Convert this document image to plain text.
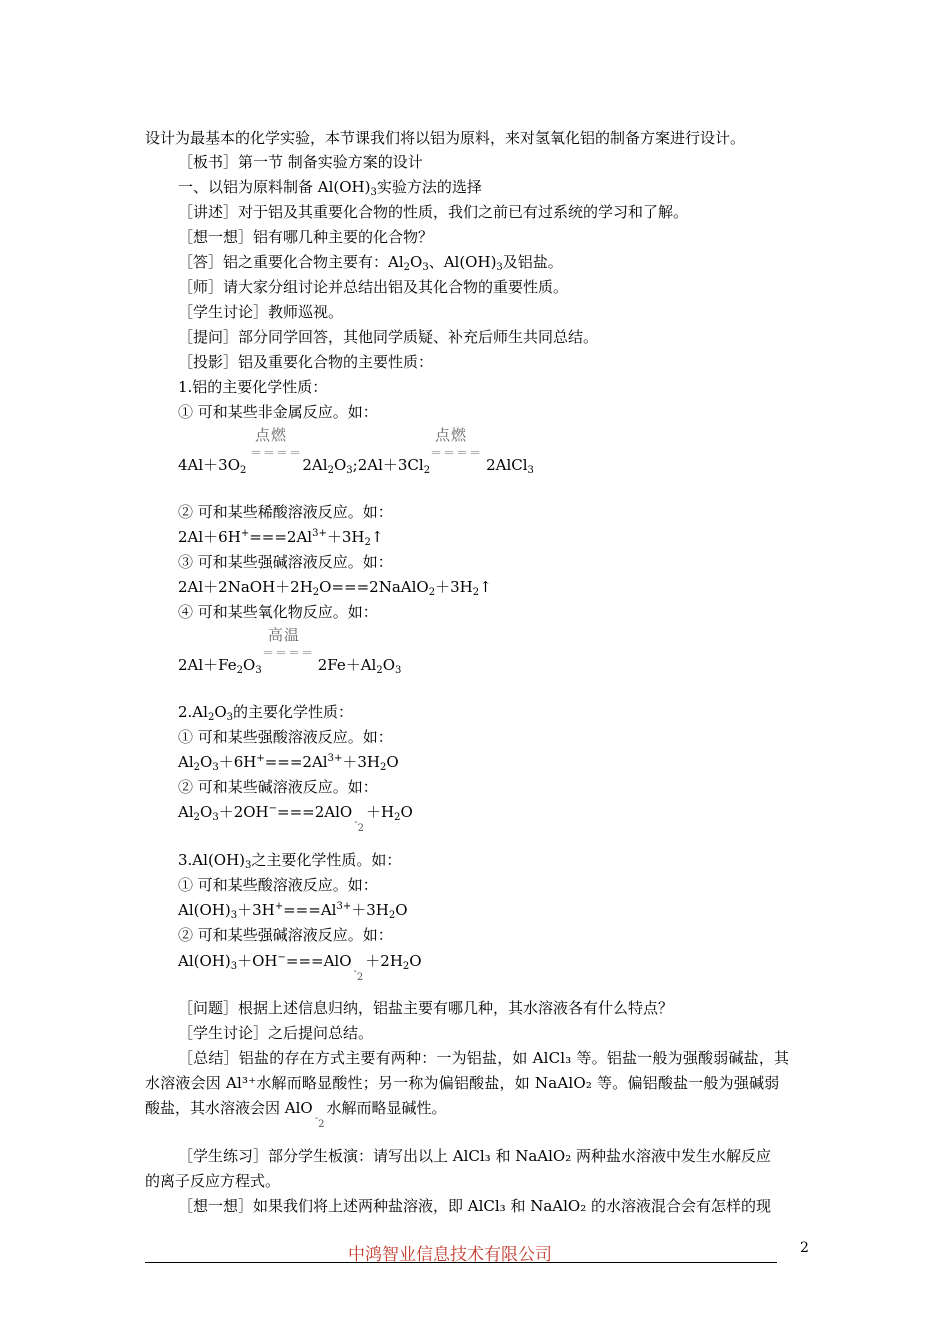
设计为最基本的化学实验，本节课我们将以铝为原料，来对氢氧化铝的制备方案进行设计。
［板书］第一节 制备实验方案的设计
一、以铝为原料制备 $Al(OH)_3$实验方法的选择
［讲述］对于铝及其重要化合物的性质，我们之前已有过系统的学习和了解。
［想一想］铝有哪几种主要的化合物？
［答］铝之重要化合物主要有：$Al_2O_3$、$Al(OH)_3$及铝盐。
［师］请大家分组讨论并总结出铝及其化合物的重要性质。
［学生讨论］教师巡视。
［提问］部分同学回答，其他同学质疑、补充后师生共同总结。
［投影］铝及重要化合物的主要性质：
1.铝的主要化学性质：
① 可和某些非金属反应。如：
点燃
＝＝＝＝
点燃
＝＝＝＝
$4Al+3O_2$	$2Al_2O_3;2Al+3Cl_2$	2AlCl$_3$
② 可和某些稀酸溶液反应。如：
$2Al+6H^+===2Al^{3+}+3H_2↑$
③ 可和某些强碱溶液反应。如：
$2Al+2NaOH+2H_2O===2NaAlO_2+3H_2↑$
④ 可和某些氧化物反应。如：
高温
＝＝＝＝
$2Al+Fe_2O_3$	$2Fe+Al_2O_3$
$2.Al_2O_3$的主要化学性质：
① 可和某些强酸溶液反应。如：
$Al_2O_3+6H^+===2Al^{3+}+3H_2O$
② 可和某些碱溶液反应。如：
$Al_2O_3+2OH^-===2AlO_{^-2}+H_2O$
$3.Al(OH)_3$之主要化学性质。如：
① 可和某些酸溶液反应。如：
$Al(OH)_3+3H^+===Al^{3+}+3H_2O$
② 可和某些强碱溶液反应。如：
$Al(OH)_3+OH^-===AlO_{^-2}+2H_2O$
［问题］根据上述信息归纳，铝盐主要有哪几种，其水溶液各有什么特点？
［学生讨论］之后提问总结。
［总结］铝盐的存在方式主要有两种：一为铝盐，如 AlCl₃ 等。铝盐一般为强酸弱碱盐，其
水溶液会因 Al³⁺水解而略显酸性；另一称为偏铝酸盐，如 NaAlO₂ 等。偏铝酸盐一般为强碱弱
酸盐，其水溶液会因 AlO$_{^-2}$水解而略显碱性。
［学生练习］部分学生板演：请写出以上 AlCl₃ 和 NaAlO₂ 两种盐水溶液中发生水解反应
的离子反应方程式。
［想一想］如果我们将上述两种盐溶液，即 AlCl₃ 和 NaAlO₂ 的水溶液混合会有怎样的现
中鸿智业信息技术有限公司	2
